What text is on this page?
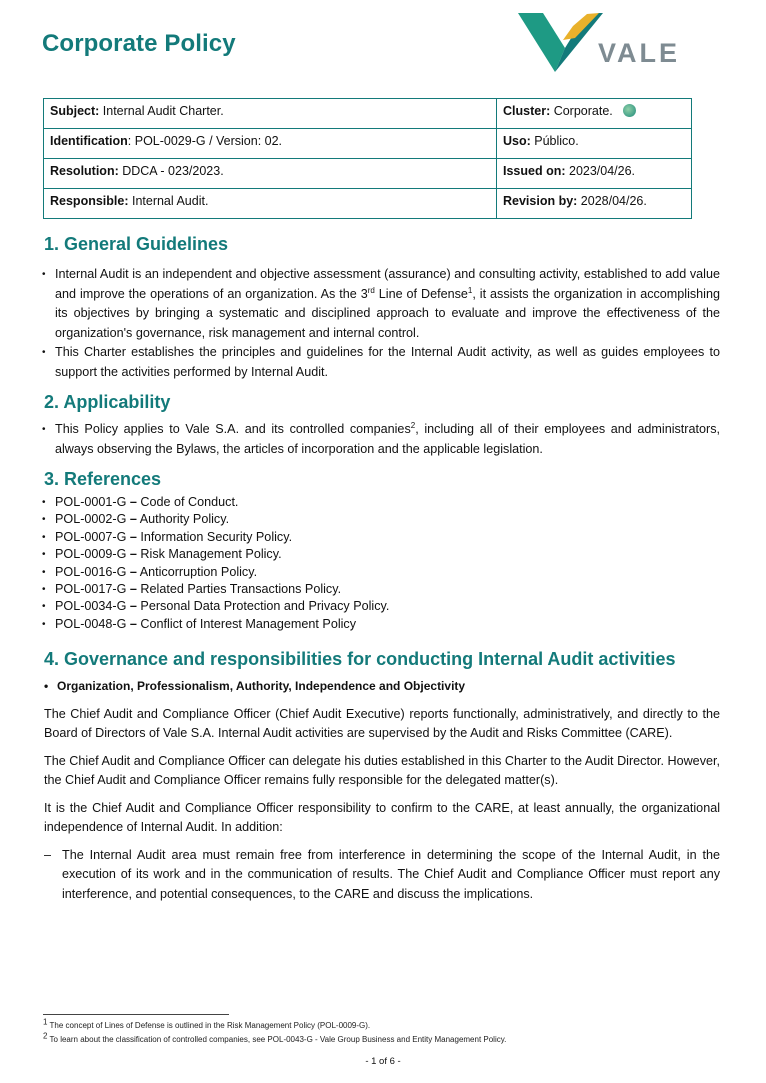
Corporate Policy	VALE
Subject: Internal Audit Charter.	Cluster: Corporate.
Identification: POL-0029-G / Version: 02.	Uso: Público.
Resolution: DDCA - 023/2023.	Issued on: 2023/04/26.
Responsible: Internal Audit.	Revision by: 2028/04/26.
1. General Guidelines
• Internal Audit is an independent and objective assessment (assurance) and consulting activity, established to add value and improve the operations of an organization. As the 3rd Line of Defense$^1$, it assists the organization in accomplishing its objectives by bringing a systematic and disciplined approach to evaluate and improve the effectiveness of the organization's governance, risk management and internal control.
• This Charter establishes the principles and guidelines for the Internal Audit activity, as well as guides employees to support the activities performed by Internal Audit.
2. Applicability
• This Policy applies to Vale S.A. and its controlled companies$^2$, including all of their employees and administrators, always observing the Bylaws, the articles of incorporation and the applicable legislation.
3. References
• POL-0001-G – Code of Conduct.
• POL-0002-G – Authority Policy.
• POL-0007-G – Information Security Policy.
• POL-0009-G – Risk Management Policy.
• POL-0016-G – Anticorruption Policy.
• POL-0017-G – Related Parties Transactions Policy.
• POL-0034-G – Personal Data Protection and Privacy Policy.
• POL-0048-G – Conflict of Interest Management Policy
4. Governance and responsibilities for conducting Internal Audit activities
• Organization, Professionalism, Authority, Independence and Objectivity

The Chief Audit and Compliance Officer (Chief Audit Executive) reports functionally, administratively, and directly to the Board of Directors of Vale S.A. Internal Audit activities are supervised by the Audit and Risks Committee (CARE).

The Chief Audit and Compliance Officer can delegate his duties established in this Charter to the Audit Director. However, the Chief Audit and Compliance Officer remains fully responsible for the delegated matter(s).

It is the Chief Audit and Compliance Officer responsibility to confirm to the CARE, at least annually, the organizational independence of Internal Audit. In addition:

– The Internal Audit area must remain free from interference in determining the scope of the Internal Audit, in the execution of its work and in the communication of results. The Chief Audit and Compliance Officer must report any interference, and potential consequences, to the CARE and discuss the implications.

$^1$ The concept of Lines of Defense is outlined in the Risk Management Policy (POL-0009-G).
$^2$ To learn about the classification of controlled companies, see POL-0043-G - Vale Group Business and Entity Management Policy.
- 1 of 6 -
